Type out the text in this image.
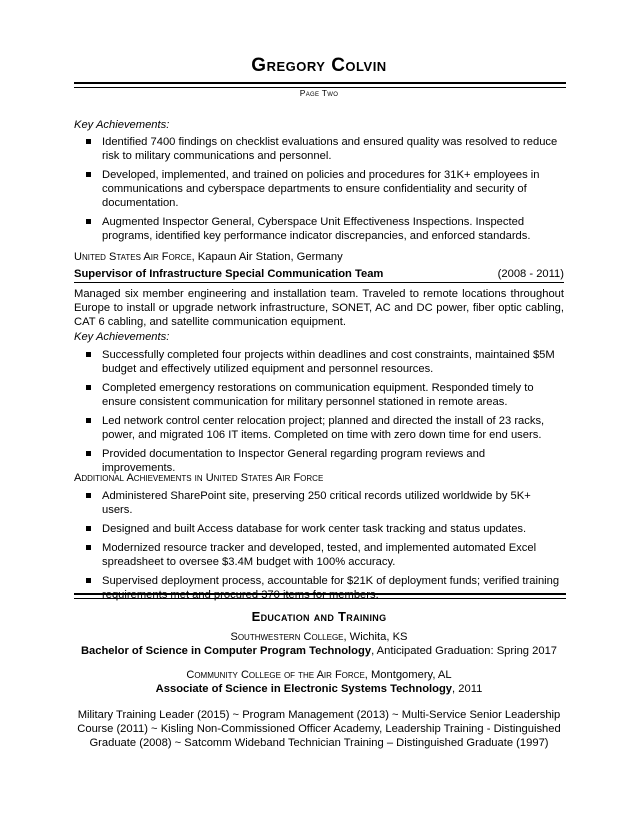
Gregory Colvin
Page Two
Key Achievements:
Identified 7400 findings on checklist evaluations and ensured quality was resolved to reduce risk to military communications and personnel.
Developed, implemented, and trained on policies and procedures for 31K+ employees in communications and cyberspace departments to ensure confidentiality and security of documentation.
Augmented Inspector General, Cyberspace Unit Effectiveness Inspections. Inspected programs, identified key performance indicator discrepancies, and enforced standards.
United States Air Force, Kapaun Air Station, Germany
Supervisor of Infrastructure Special Communication Team	(2008 - 2011)
Managed six member engineering and installation team. Traveled to remote locations throughout Europe to install or upgrade network infrastructure, SONET, AC and DC power, fiber optic cabling, CAT 6 cabling, and satellite communication equipment.
Key Achievements:
Successfully completed four projects within deadlines and cost constraints, maintained $5M budget and effectively utilized equipment and personnel resources.
Completed emergency restorations on communication equipment. Responded timely to ensure consistent communication for military personnel stationed in remote areas.
Led network control center relocation project; planned and directed the install of 23 racks, power, and migrated 106 IT items. Completed on time with zero down time for end users.
Provided documentation to Inspector General regarding program reviews and improvements.
Additional Achievements in United States Air Force
Administered SharePoint site, preserving 250 critical records utilized worldwide by 5K+ users.
Designed and built Access database for work center task tracking and status updates.
Modernized resource tracker and developed, tested, and implemented automated Excel spreadsheet to oversee $3.4M budget with 100% accuracy.
Supervised deployment process, accountable for $21K of deployment funds; verified training requirements met and procured 370 items for members.
Education and Training
Southwestern College, Wichita, KS
Bachelor of Science in Computer Program Technology, Anticipated Graduation: Spring 2017
Community College of the Air Force, Montgomery, AL
Associate of Science in Electronic Systems Technology, 2011
Military Training Leader (2015) ~ Program Management (2013) ~ Multi-Service Senior Leadership Course (2011) ~ Kisling Non-Commissioned Officer Academy, Leadership Training - Distinguished Graduate (2008) ~ Satcomm Wideband Technician Training – Distinguished Graduate (1997)
